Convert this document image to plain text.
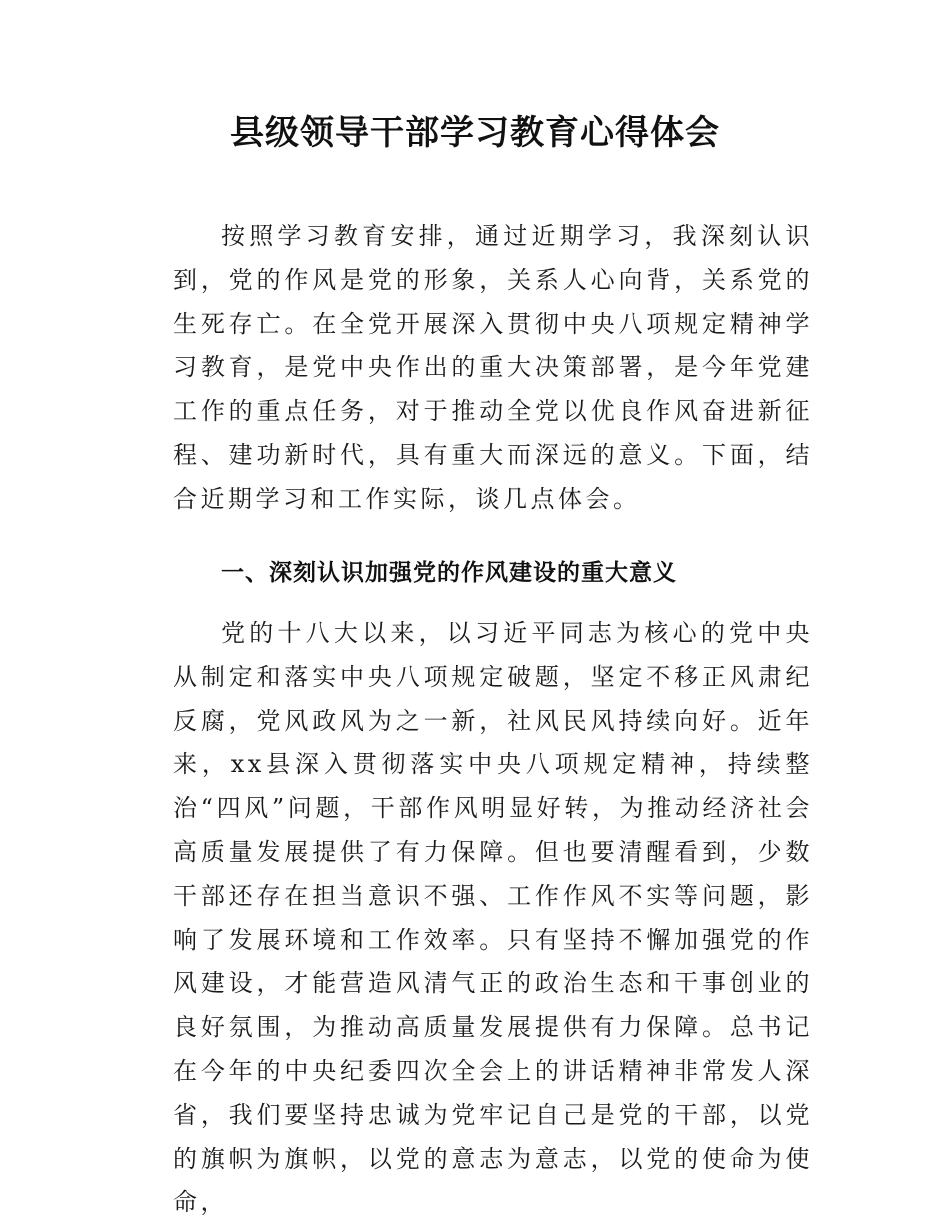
县级领导干部学习教育心得体会

按照学习教育安排，通过近期学习，我深刻认识到，党的作风是党的形象，关系人心向背，关系党的生死存亡。在全党开展深入贯彻中央八项规定精神学习教育，是党中央作出的重大决策部署，是今年党建工作的重点任务，对于推动全党以优良作风奋进新征程、建功新时代，具有重大而深远的意义。下面，结合近期学习和工作实际，谈几点体会。

一、深刻认识加强党的作风建设的重大意义

党的十八大以来，以习近平同志为核心的党中央从制定和落实中央八项规定破题，坚定不移正风肃纪反腐，党风政风为之一新，社风民风持续向好。近年来，xx县深入贯彻落实中央八项规定精神，持续整治“四风”问题，干部作风明显好转，为推动经济社会高质量发展提供了有力保障。但也要清醒看到，少数干部还存在担当意识不强、工作作风不实等问题，影响了发展环境和工作效率。只有坚持不懈加强党的作风建设，才能营造风清气正的政治生态和干事创业的良好氛围，为推动高质量发展提供有力保障。总书记在今年的中央纪委四次全会上的讲话精神非常发人深省，我们要坚持忠诚为党牢记自己是党的干部，以党的旗帜为旗帜，以党的意志为意志，以党的使命为使命，
